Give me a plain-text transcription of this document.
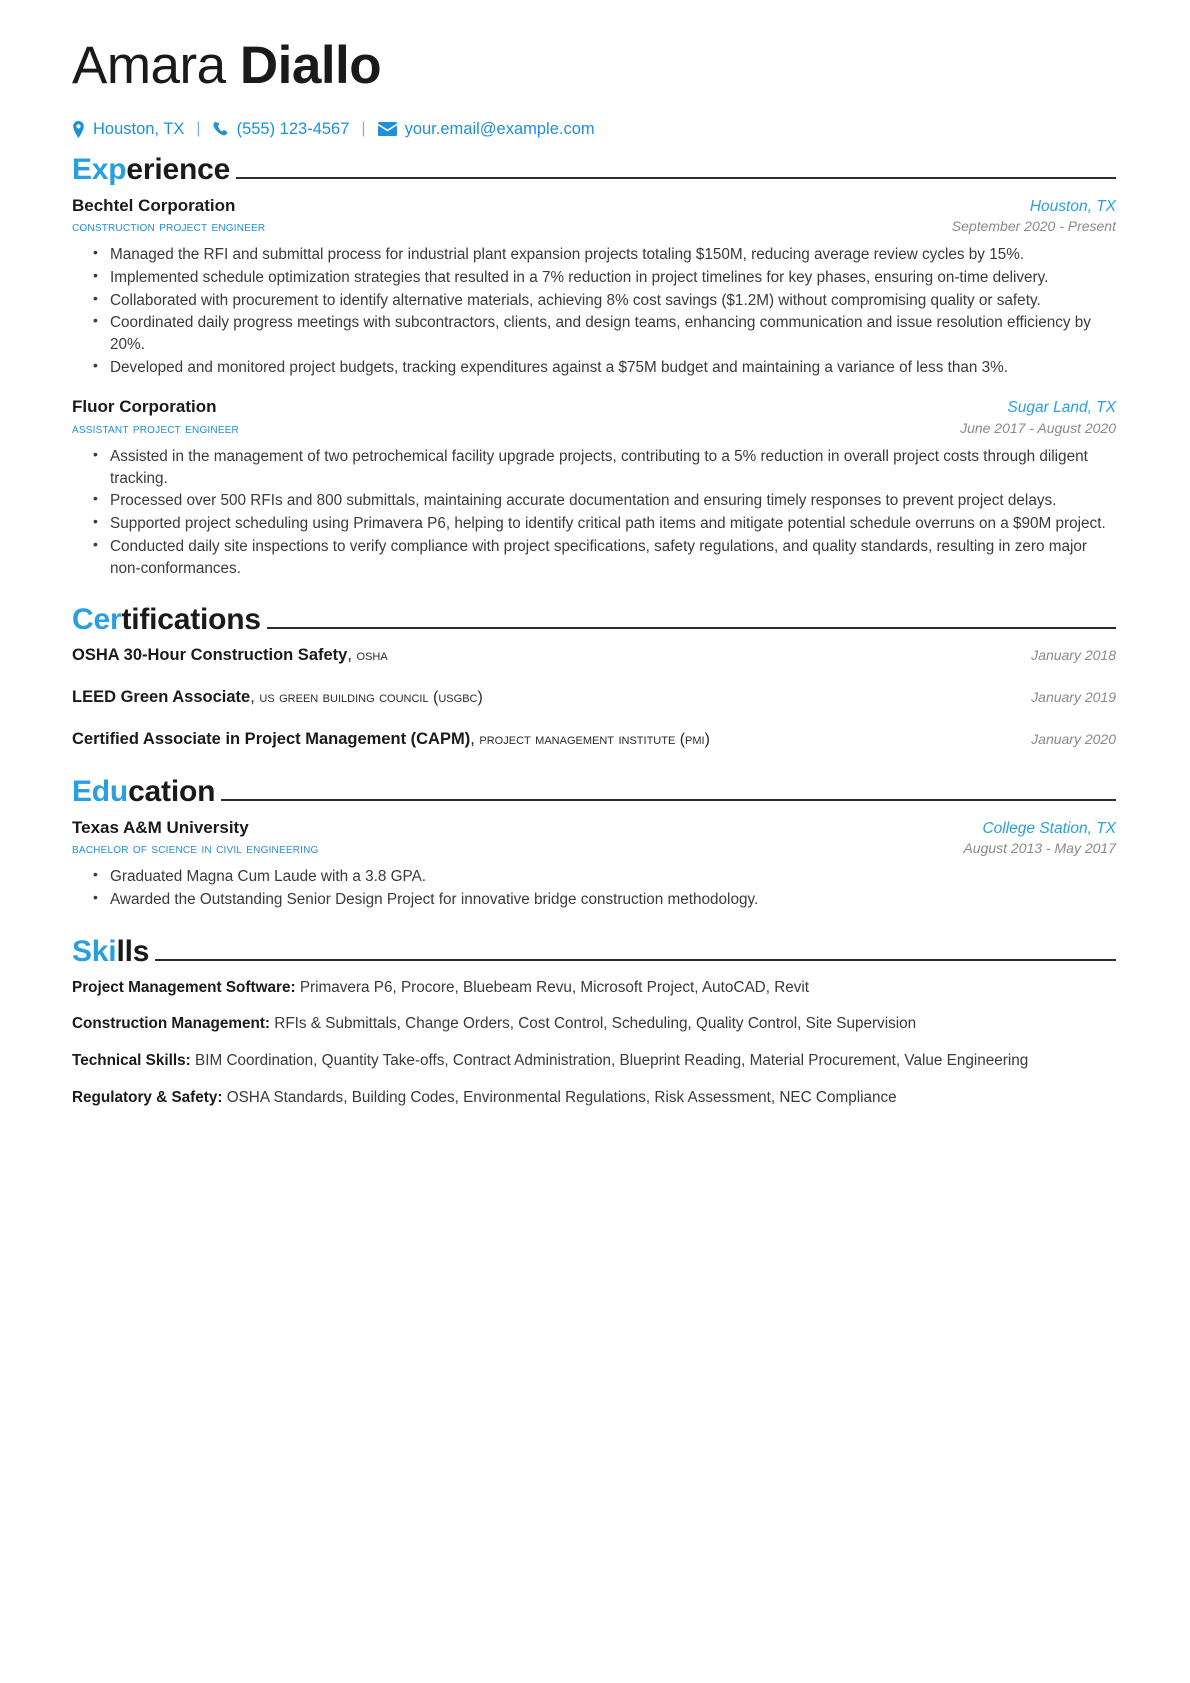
Amara Diallo
Houston, TX |	(555) 123-4567 |	your.email@example.com
Experience
Bechtel Corporation	Houston, TX
construction project engineer	September 2020 - Present
• Managed the RFI and submittal process for industrial plant expansion projects totaling $150M, reducing average review cycles by 15%.
• Implemented schedule optimization strategies that resulted in a 7% reduction in project timelines for key phases, ensuring on-time delivery.
• Collaborated with procurement to identify alternative materials, achieving 8% cost savings ($1.2M) without compromising quality or safety.
• Coordinated daily progress meetings with subcontractors, clients, and design teams, enhancing communication and issue resolution efficiency by 20%.
• Developed and monitored project budgets, tracking expenditures against a $75M budget and maintaining a variance of less than 3%.
Fluor Corporation	Sugar Land, TX
assistant project engineer	June 2017 - August 2020
• Assisted in the management of two petrochemical facility upgrade projects, contributing to a 5% reduction in overall project costs through diligent tracking.
• Processed over 500 RFIs and 800 submittals, maintaining accurate documentation and ensuring timely responses to prevent project delays.
• Supported project scheduling using Primavera P6, helping to identify critical path items and mitigate potential schedule overruns on a $90M project.
• Conducted daily site inspections to verify compliance with project specifications, safety regulations, and quality standards, resulting in zero major non-conformances.
Certifications
OSHA 30-Hour Construction Safety, osha	January 2018
LEED Green Associate, us green building council (usgbc)	January 2019
Certified Associate in Project Management (CAPM), project management institute (pmi)	January 2020
Education
Texas A&M University	College Station, TX
bachelor of science in civil engineering	August 2013 - May 2017
• Graduated Magna Cum Laude with a 3.8 GPA.
• Awarded the Outstanding Senior Design Project for innovative bridge construction methodology.
Skills
Project Management Software: Primavera P6, Procore, Bluebeam Revu, Microsoft Project, AutoCAD, Revit
Construction Management: RFIs & Submittals, Change Orders, Cost Control, Scheduling, Quality Control, Site Supervision
Technical Skills: BIM Coordination, Quantity Take-offs, Contract Administration, Blueprint Reading, Material Procurement, Value Engineering
Regulatory & Safety: OSHA Standards, Building Codes, Environmental Regulations, Risk Assessment, NEC Compliance
